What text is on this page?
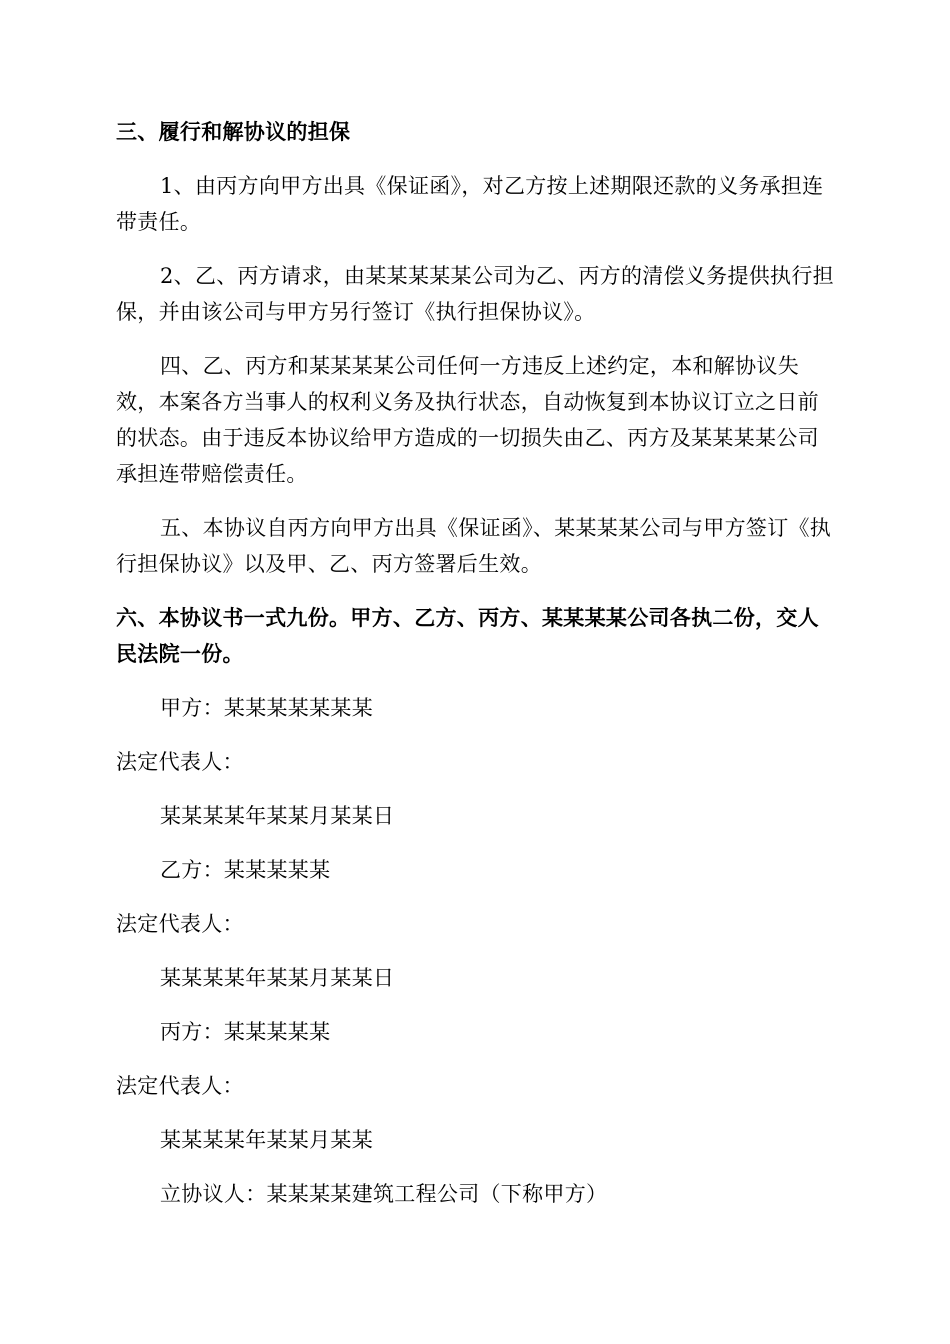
三、履行和解协议的担保

1、由丙方向甲方出具《保证函》，对乙方按上述期限还款的义务承担连带责任。

2、乙、丙方请求，由某某某某某公司为乙、丙方的清偿义务提供执行担保，并由该公司与甲方另行签订《执行担保协议》。

四、乙、丙方和某某某某公司任何一方违反上述约定，本和解协议失效，本案各方当事人的权利义务及执行状态，自动恢复到本协议订立之日前的状态。由于违反本协议给甲方造成的一切损失由乙、丙方及某某某某公司承担连带赔偿责任。

五、本协议自丙方向甲方出具《保证函》、某某某某公司与甲方签订《执行担保协议》以及甲、乙、丙方签署后生效。

六、本协议书一式九份。甲方、乙方、丙方、某某某某公司各执二份，交人民法院一份。

甲方：某某某某某某某

法定代表人：

某某某某年某某月某某日

乙方：某某某某某

法定代表人：

某某某某年某某月某某日

丙方：某某某某某

法定代表人：

某某某某年某某月某某

立协议人：某某某某建筑工程公司（下称甲方）
